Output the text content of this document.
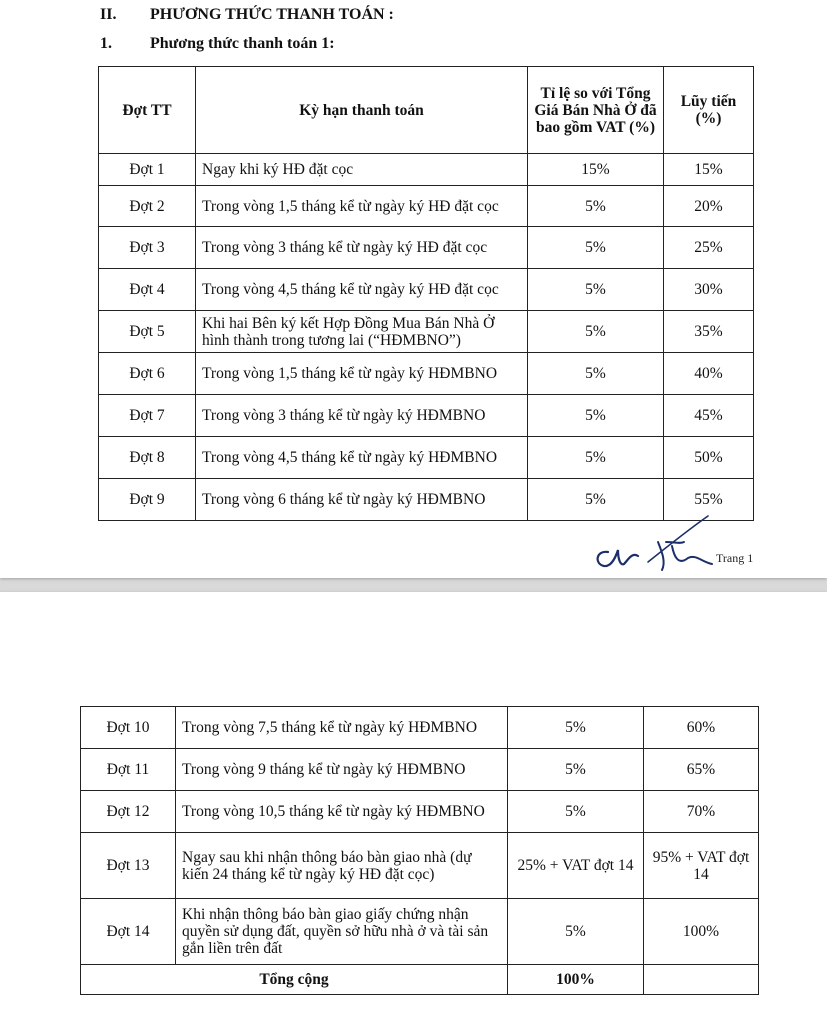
II. PHƯƠNG THỨC THANH TOÁN :
1. Phương thức thanh toán 1:
Đợt TT	Kỳ hạn thanh toán	Tỉ lệ so với Tổng Giá Bán Nhà Ở đã bao gồm VAT (%)	Lũy tiến (%)
Đợt 1	Ngay khi ký HĐ đặt cọc	15%	15%
Đợt 2	Trong vòng 1,5 tháng kể từ ngày ký HĐ đặt cọc	5%	20%
Đợt 3	Trong vòng 3 tháng kể từ ngày ký HĐ đặt cọc	5%	25%
Đợt 4	Trong vòng 4,5 tháng kể từ ngày ký HĐ đặt cọc	5%	30%
Đợt 5	Khi hai Bên ký kết Hợp Đồng Mua Bán Nhà Ở hình thành trong tương lai (“HĐMBNO”)	5%	35%
Đợt 6	Trong vòng 1,5 tháng kể từ ngày ký HĐMBNO	5%	40%
Đợt 7	Trong vòng 3 tháng kể từ ngày ký HĐMBNO	5%	45%
Đợt 8	Trong vòng 4,5 tháng kể từ ngày ký HĐMBNO	5%	50%
Đợt 9	Trong vòng 6 tháng kể từ ngày ký HĐMBNO	5%	55%
Trang 1
Đợt 10	Trong vòng 7,5 tháng kể từ ngày ký HĐMBNO	5%	60%
Đợt 11	Trong vòng 9 tháng kể từ ngày ký HĐMBNO	5%	65%
Đợt 12	Trong vòng 10,5 tháng kể từ ngày ký HĐMBNO	5%	70%
Đợt 13	Ngay sau khi nhận thông báo bàn giao nhà (dự kiến 24 tháng kể từ ngày ký HĐ đặt cọc)	25% + VAT đợt 14	95% + VAT đợt 14
Đợt 14	Khi nhận thông báo bàn giao giấy chứng nhận quyền sử dụng đất, quyền sở hữu nhà ở và tài sản gắn liền trên đất	5%	100%
Tổng cộng		100%	
